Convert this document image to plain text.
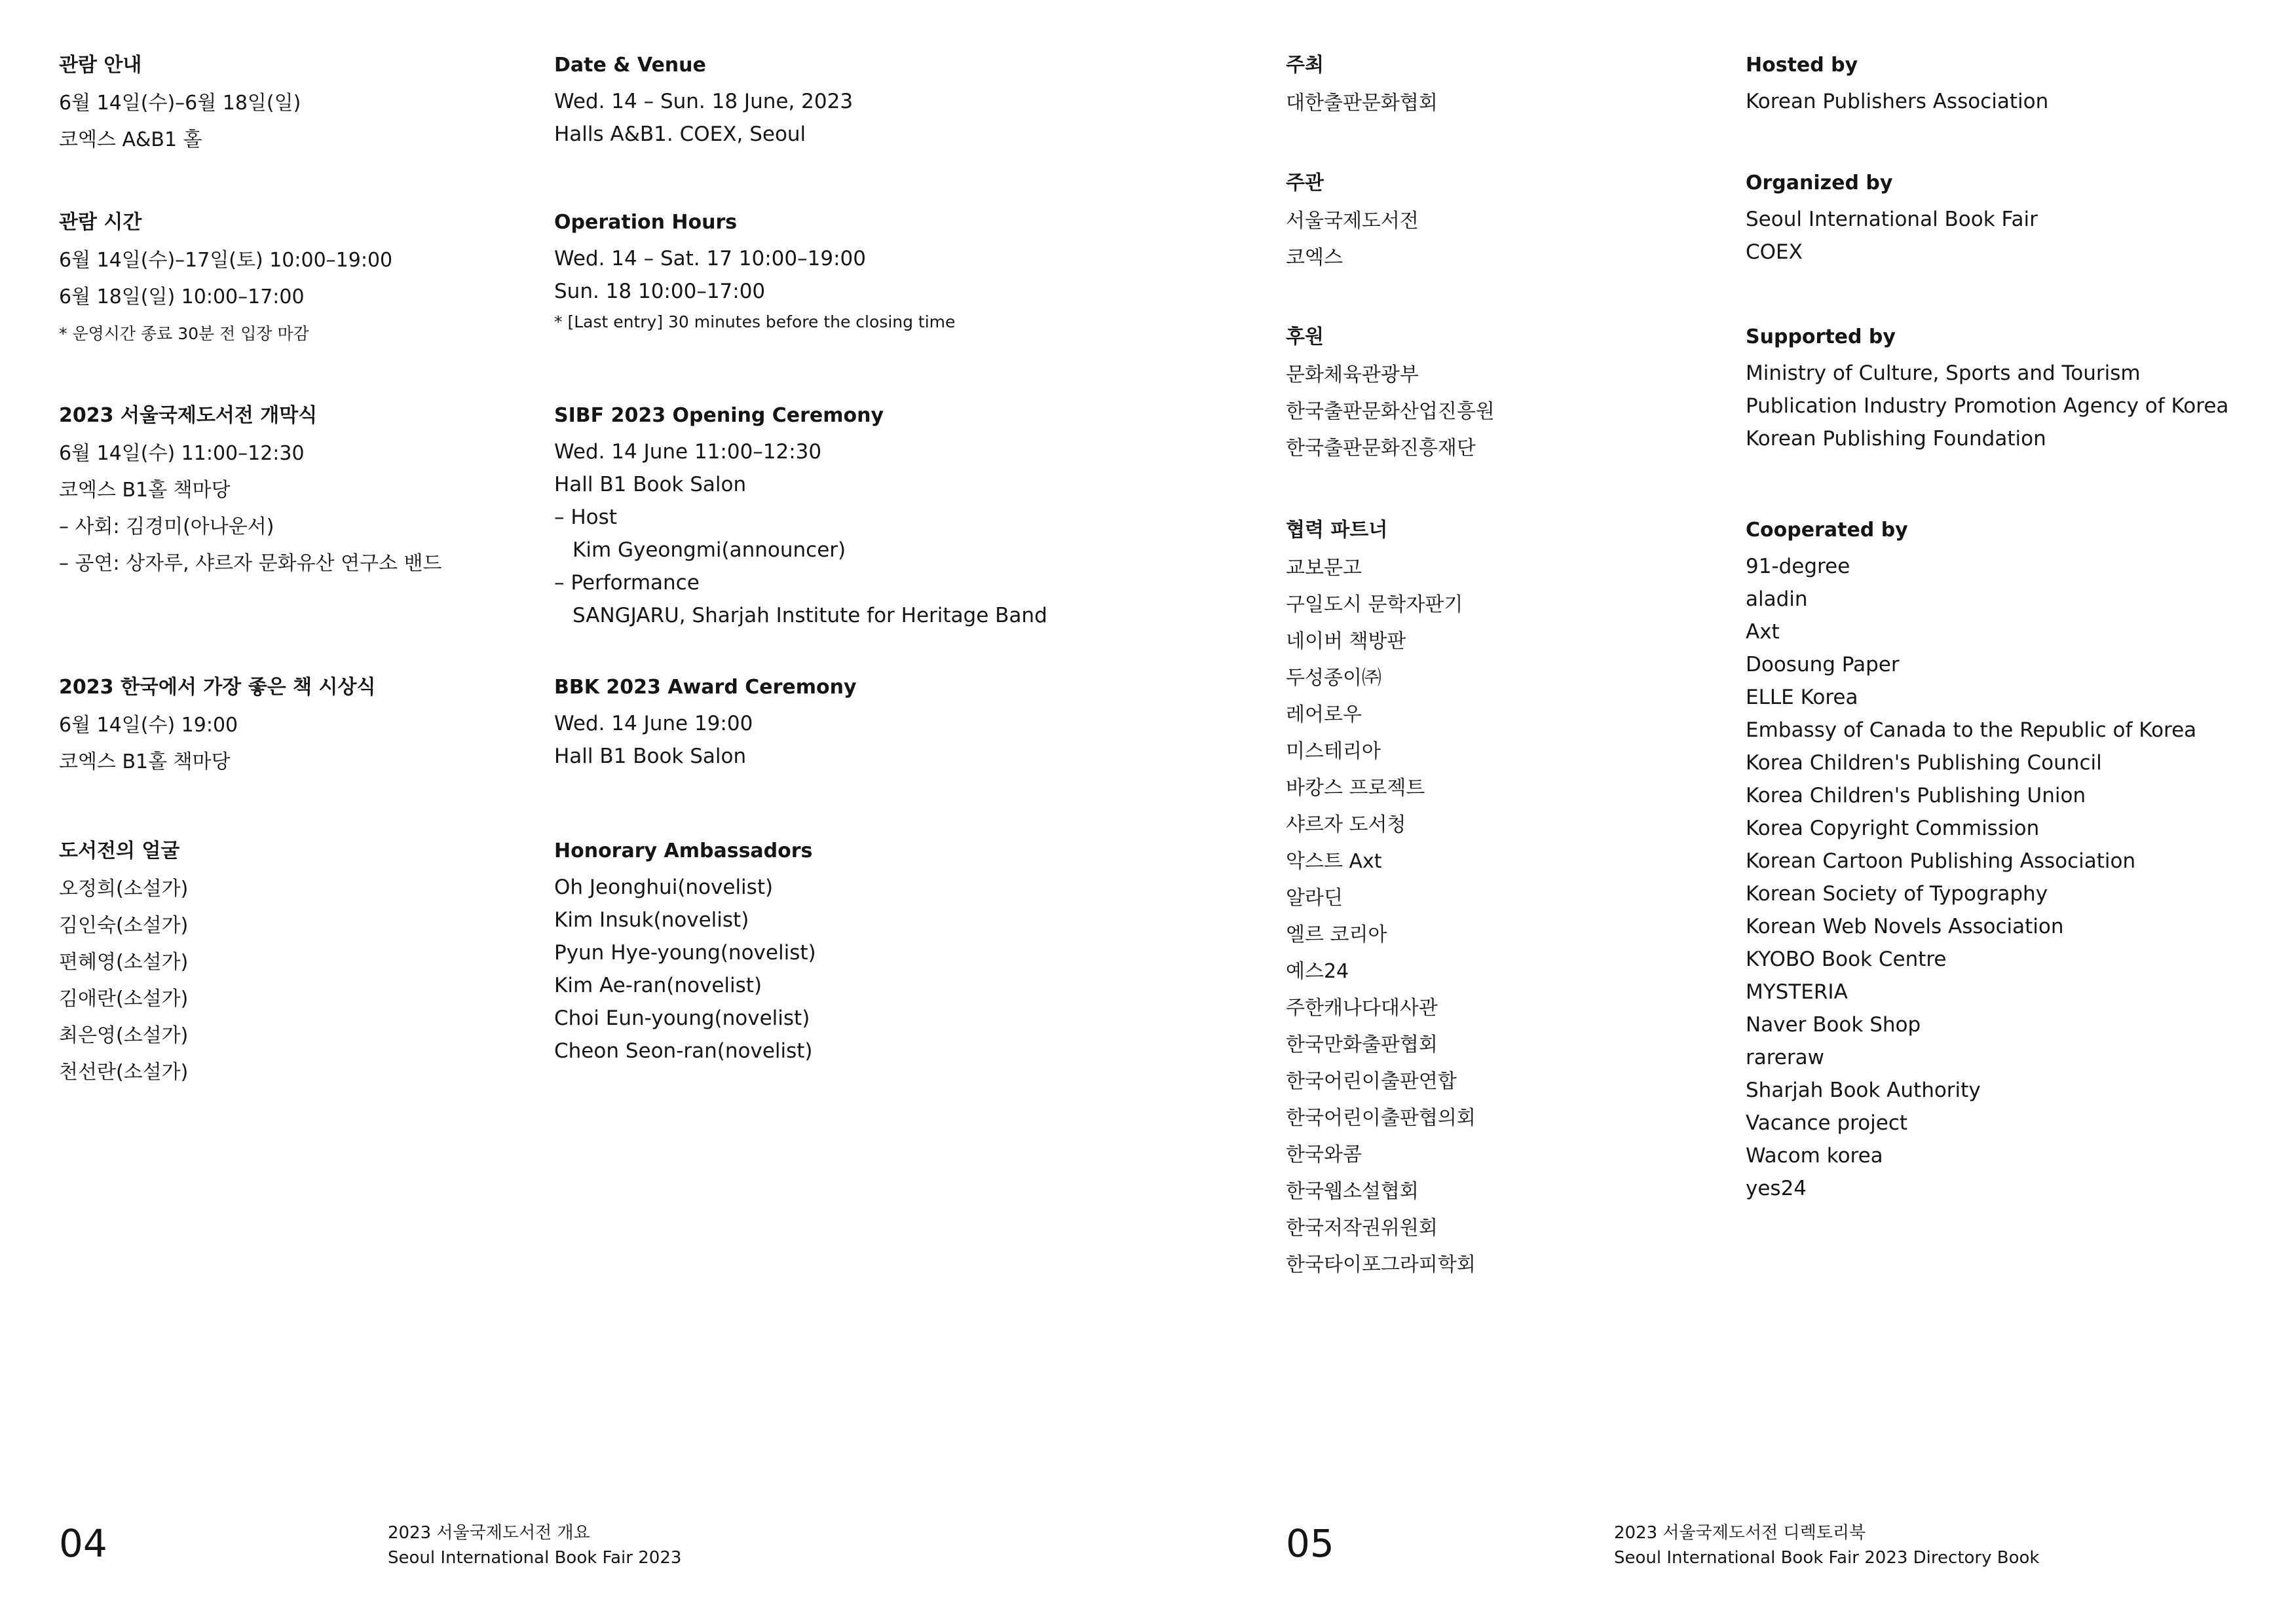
관람 안내
6월 14일(수)–6월 18일(일)
코엑스 A&B1 홀
관람 시간
6월 14일(수)–17일(토) 10:00–19:00
6월 18일(일) 10:00–17:00
* 운영시간 종료 30분 전 입장 마감
2023 서울국제도서전 개막식
6월 14일(수) 11:00–12:30
코엑스 B1홀 책마당
– 사회: 김경미(아나운서)
– 공연: 상자루, 샤르자 문화유산 연구소 밴드
2023 한국에서 가장 좋은 책 시상식
6월 14일(수) 19:00
코엑스 B1홀 책마당
도서전의 얼굴
오정희(소설가)
김인숙(소설가)
편혜영(소설가)
김애란(소설가)
최은영(소설가)
천선란(소설가)
Date & Venue
Wed. 14 – Sun. 18 June, 2023
Halls A&B1. COEX, Seoul
Operation Hours
Wed. 14 – Sat. 17 10:00–19:00
Sun. 18 10:00–17:00
* [Last entry] 30 minutes before the closing time
SIBF 2023 Opening Ceremony
Wed. 14 June 11:00–12:30
Hall B1 Book Salon
– Host
Kim Gyeongmi(announcer)
– Performance
SANGJARU, Sharjah Institute for Heritage Band
BBK 2023 Award Ceremony
Wed. 14 June 19:00
Hall B1 Book Salon
Honorary Ambassadors
Oh Jeonghui(novelist)
Kim Insuk(novelist)
Pyun Hye-young(novelist)
Kim Ae-ran(novelist)
Choi Eun-young(novelist)
Cheon Seon-ran(novelist)
주최
대한출판문화협회
주관
서울국제도서전
코엑스
후원
문화체육관광부
한국출판문화산업진흥원
한국출판문화진흥재단
협력 파트너
교보문고
구일도시 문학자판기
네이버 책방판
두성종이㈜
레어로우
미스테리아
바캉스 프로젝트
샤르자 도서청
악스트 Axt
알라딘
엘르 코리아
예스24
주한캐나다대사관
한국만화출판협회
한국어린이출판연합
한국어린이출판협의회
한국와콤
한국웹소설협회
한국저작권위원회
한국타이포그라피학회
Hosted by
Korean Publishers Association
Organized by
Seoul International Book Fair
COEX
Supported by
Ministry of Culture, Sports and Tourism
Publication Industry Promotion Agency of Korea
Korean Publishing Foundation
Cooperated by
91-degree
aladin
Axt
Doosung Paper
ELLE Korea
Embassy of Canada to the Republic of Korea
Korea Children's Publishing Council
Korea Children's Publishing Union
Korea Copyright Commission
Korean Cartoon Publishing Association
Korean Society of Typography
Korean Web Novels Association
KYOBO Book Centre
MYSTERIA
Naver Book Shop
rareraw
Sharjah Book Authority
Vacance project
Wacom korea
yes24
04	2023 서울국제도서전 개요
Seoul International Book Fair 2023	05	2023 서울국제도서전 디렉토리북
Seoul International Book Fair 2023 Directory Book
